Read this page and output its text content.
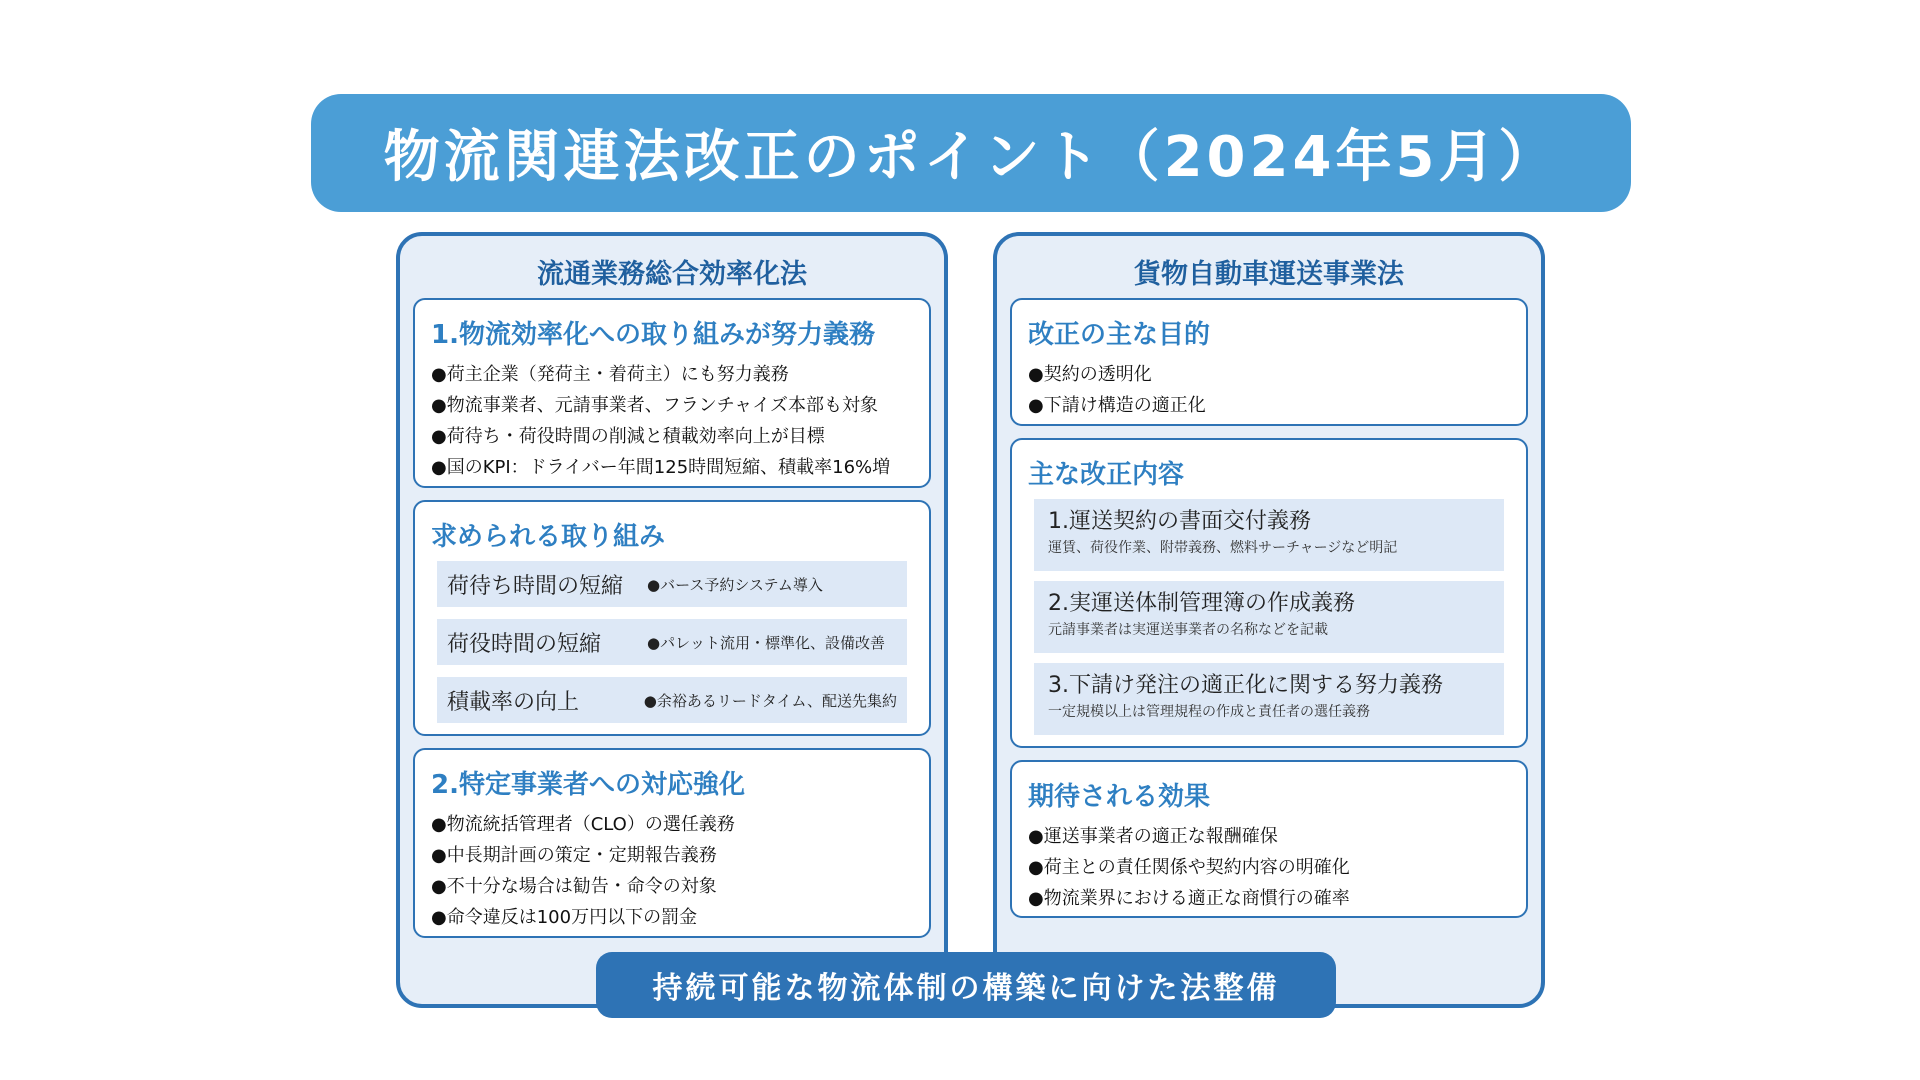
物流関連法改正のポイント（2024年5月）
流通業務総合効率化法
1.物流効率化への取り組みが努力義務
● 荷主企業（発荷主・着荷主）にも努力義務
● 物流事業者、元請事業者、フランチャイズ本部も対象
● 荷待ち・荷役時間の削減と積載効率向上が目標
● 国のKPI：ドライバー年間125時間短縮、積載率16%増
求められる取り組み
荷待ち時間の短縮	● バース予約システム導入
荷役時間の短縮	● パレット流用・標準化、設備改善
積載率の向上	● 余裕あるリードタイム、配送先集約
2.特定事業者への対応強化
● 物流統括管理者（CLO）の選任義務
● 中長期計画の策定・定期報告義務
● 不十分な場合は勧告・命令の対象
● 命令違反は100万円以下の罰金
貨物自動車運送事業法
改正の主な目的
● 契約の透明化
● 下請け構造の適正化
主な改正内容
1.運送契約の書面交付義務
運賃、荷役作業、附帯義務、燃料サーチャージなど明記
2.実運送体制管理簿の作成義務
元請事業者は実運送事業者の名称などを記載
3.下請け発注の適正化に関する努力義務
一定規模以上は管理規程の作成と責任者の選任義務
期待される効果
● 運送事業者の適正な報酬確保
● 荷主との責任関係や契約内容の明確化
● 物流業界における適正な商慣行の確率
持続可能な物流体制の構築に向けた法整備
